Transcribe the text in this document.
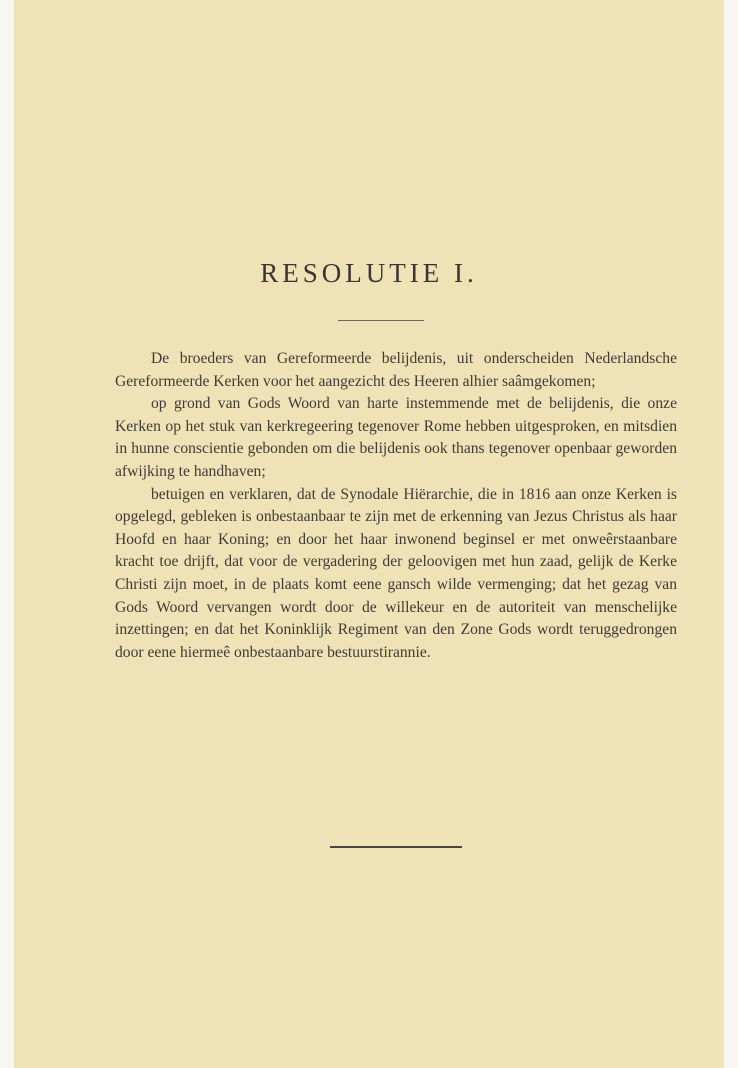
RESOLUTIE I.

De broeders van Gereformeerde belijdenis, uit onderscheiden Nederlandsche Gereformeerde Kerken voor het aangezicht des Heeren alhier saâmgekomen;

op grond van Gods Woord van harte instemmende met de belijdenis, die onze Kerken op het stuk van kerkregeering tegenover Rome hebben uitgesproken, en mitsdien in hunne conscientie gebonden om die belijdenis ook thans tegenover openbaar geworden afwijking te handhaven;

betuigen en verklaren, dat de Synodale Hiërarchie, die in 1816 aan onze Kerken is opgelegd, gebleken is onbestaanbaar te zijn met de erkenning van Jezus Christus als haar Hoofd en haar Koning; en door het haar inwonend beginsel er met onweêrstaanbare kracht toe drijft, dat voor de vergadering der geloovigen met hun zaad, gelijk de Kerke Christi zijn moet, in de plaats komt eene gansch wilde vermenging; dat het gezag van Gods Woord vervangen wordt door de willekeur en de autoriteit van menschelijke inzettingen; en dat het Koninklijk Regiment van den Zone Gods wordt teruggedrongen door eene hiermeê onbestaanbare bestuurstirannie.
